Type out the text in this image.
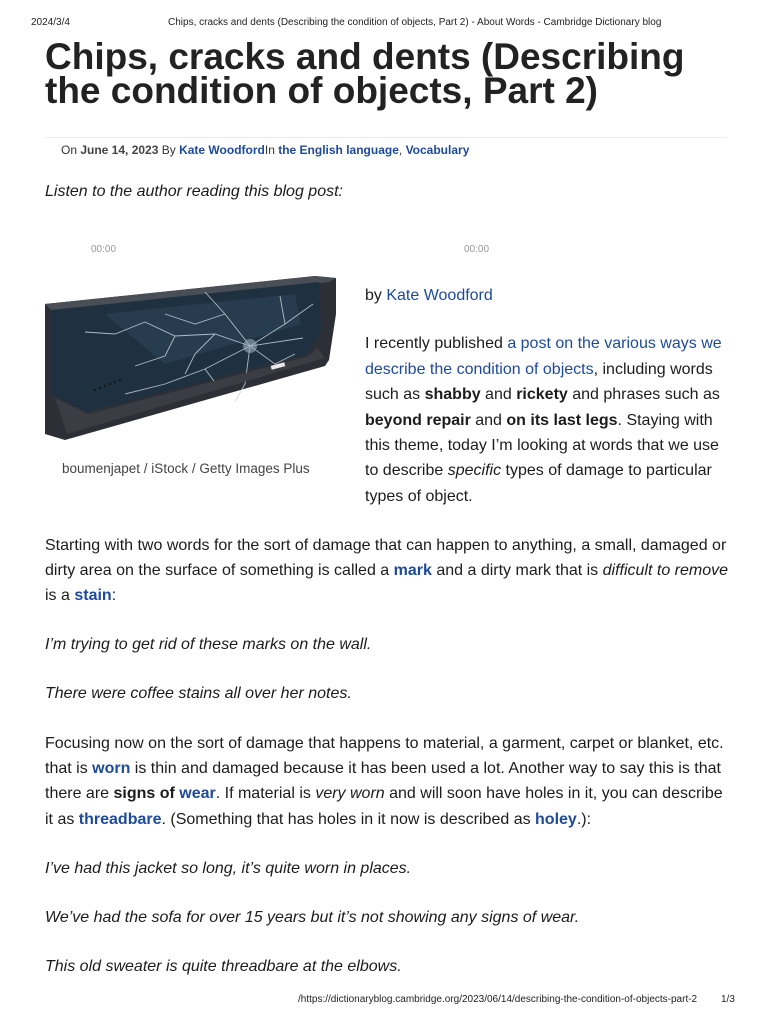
2024/3/4	Chips, cracks and dents (Describing the condition of objects, Part 2) - About Words - Cambridge Dictionary blog
Chips, cracks and dents (Describing the condition of objects, Part 2)
On June 14, 2023 By Kate WoodfordIn the English language, Vocabulary
Listen to the author reading this blog post:
00:00	00:00
boumenjapet / iStock / Getty Images Plus

by Kate Woodford

I recently published a post on the various ways we describe the condition of objects, including words such as shabby and rickety and phrases such as beyond repair and on its last legs. Staying with this theme, today I’m looking at words that we use to describe specific types of damage to particular types of object.

Starting with two words for the sort of damage that can happen to anything, a small, damaged or dirty area on the surface of something is called a mark and a dirty mark that is difficult to remove is a stain:

I’m trying to get rid of these marks on the wall.

There were coffee stains all over her notes.

Focusing now on the sort of damage that happens to material, a garment, carpet or blanket, etc. that is worn is thin and damaged because it has been used a lot. Another way to say this is that there are signs of wear. If material is very worn and will soon have holes in it, you can describe it as threadbare. (Something that has holes in it now is described as holey.):

I’ve had this jacket so long, it’s quite worn in places.

We’ve had the sofa for over 15 years but it’s not showing any signs of wear.

This old sweater is quite threadbare at the elbows.

/https://dictionaryblog.cambridge.org/2023/06/14/describing-the-condition-of-objects-part-2 1/3
